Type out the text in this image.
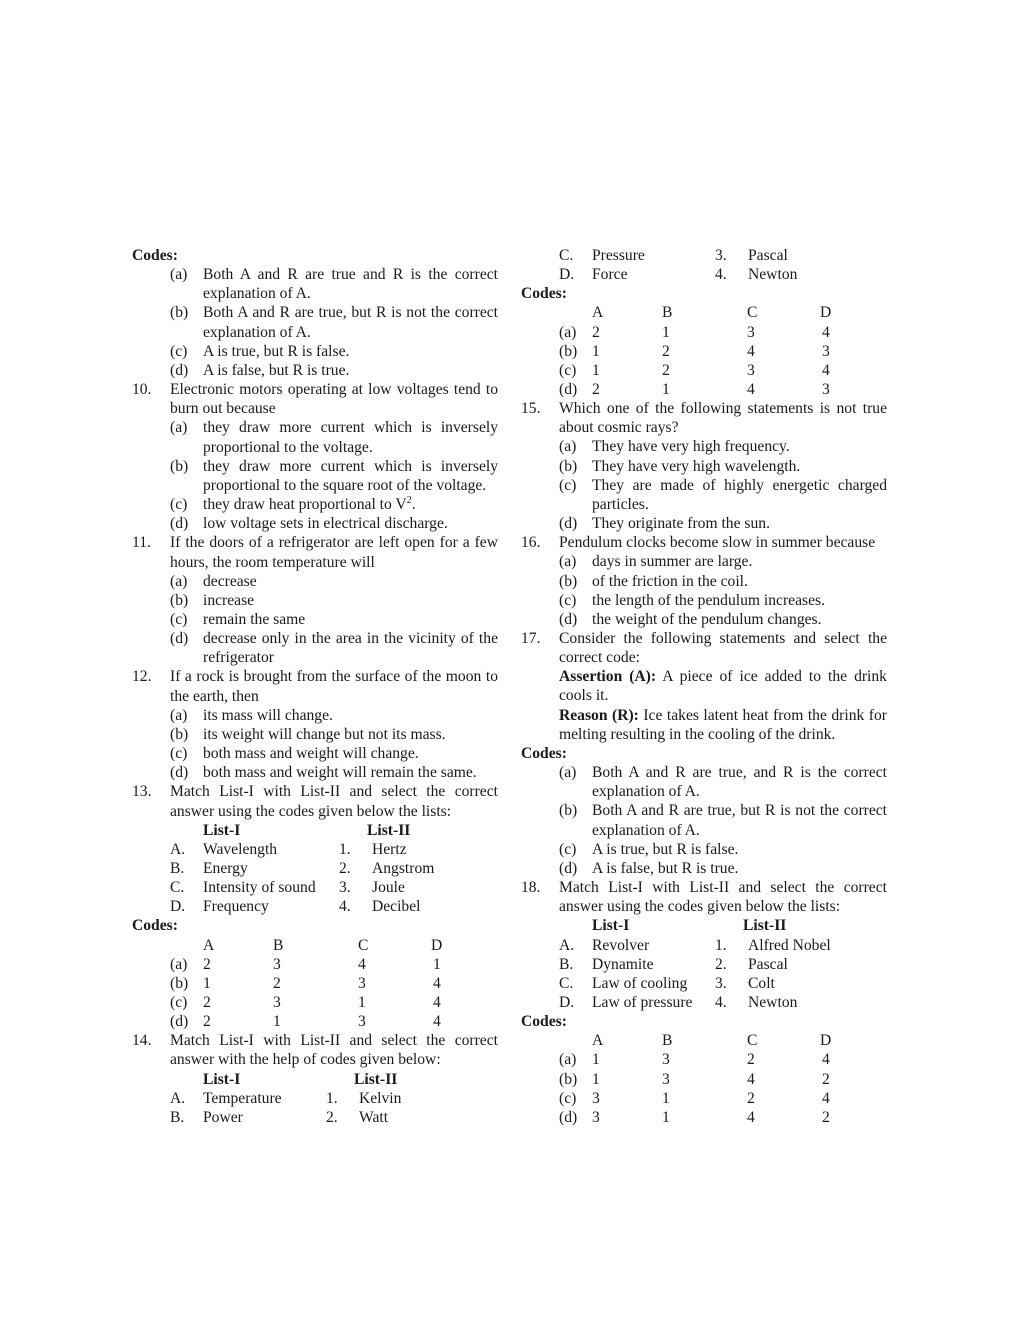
Codes:
(a) Both A and R are true and R is the correct explanation of A.
(b) Both A and R are true, but R is not the correct explanation of A.
(c) A is true, but R is false.
(d) A is false, but R is true.
10. Electronic motors operating at low voltages tend to burn out because
(a) they draw more current which is inversely proportional to the voltage.
(b) they draw more current which is inversely proportional to the square root of the voltage.
(c) they draw heat proportional to $V^2$.
(d) low voltage sets in electrical discharge.
11. If the doors of a refrigerator are left open for a few hours, the room temperature will
(a) decrease
(b) increase
(c) remain the same
(d) decrease only in the area in the vicinity of the refrigerator
12. If a rock is brought from the surface of the moon to the earth, then
(a) its mass will change.
(b) its weight will change but not its mass.
(c) both mass and weight will change.
(d) both mass and weight will remain the same.
13. Match List-I with List-II and select the correct answer using the codes given below the lists:
List-I	List-II
A. Wavelength	1. Hertz
B. Energy	2. Angstrom
C. Intensity of sound 3. Joule
D. Frequency	4. Decibel
Codes:
A	B	C	D
(a) 2	3	4	1
(b) 1	2	3	4
(c) 2	3	1	4
(d) 2	1	3	4
14. Match List-I with List-II and select the correct answer with the help of codes given below:
List-I	List-II
A. Temperature	1. Kelvin
B. Power	2. Watt
C. Pressure	3. Pascal
D. Force	4. Newton
Codes:
A	B	C	D
(a) 2	1	3	4
(b) 1	2	4	3
(c) 1	2	3	4
(d) 2	1	4	3
15. Which one of the following statements is not true about cosmic rays?
(a) They have very high frequency.
(b) They have very high wavelength.
(c) They are made of highly energetic charged particles.
(d) They originate from the sun.
16. Pendulum clocks become slow in summer because
(a) days in summer are large.
(b) of the friction in the coil.
(c) the length of the pendulum increases.
(d) the weight of the pendulum changes.
17. Consider the following statements and select the correct code:
Assertion (A): A piece of ice added to the drink cools it.
Reason (R): Ice takes latent heat from the drink for melting resulting in the cooling of the drink.
Codes:
(a) Both A and R are true, and R is the correct explanation of A.
(b) Both A and R are true, but R is not the correct explanation of A.
(c) A is true, but R is false.
(d) A is false, but R is true.
18. Match List-I with List-II and select the correct answer using the codes given below the lists:
List-I	List-II
A. Revolver	1. Alfred Nobel
B. Dynamite	2. Pascal
C. Law of cooling 3. Colt
D. Law of pressure 4. Newton
Codes:
A	B	C	D
(a) 1	3	2	4
(b) 1	3	4	2
(c) 3	1	2	4
(d) 3	1	4	2
